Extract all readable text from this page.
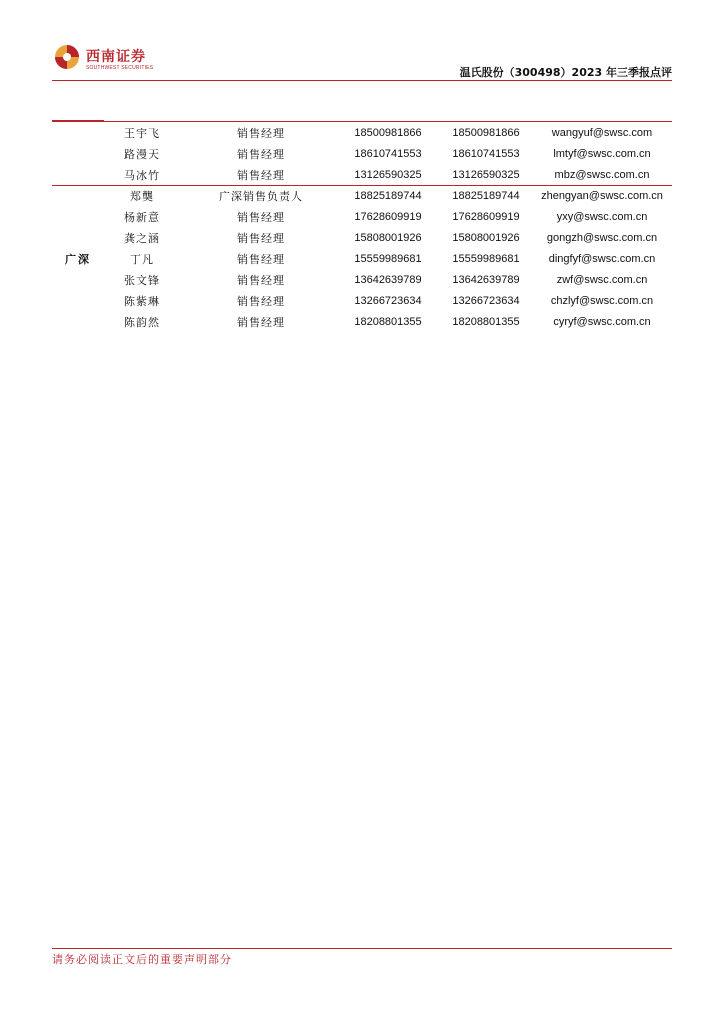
西南证券
SOUTHWEST SECURITIES	温氏股份（300498）2023 年三季报点评
王宇飞	销售经理	18500981866	18500981866	wangyuf@swsc.com
路漫天	销售经理	18610741553	18610741553	lmtyf@swsc.com.cn
马冰竹	销售经理	13126590325	13126590325	mbz@swsc.com.cn
郑龑	广深销售负责人	18825189744	18825189744	zhengyan@swsc.com.cn
杨新意	销售经理	17628609919	17628609919	yxy@swsc.com.cn
龚之涵	销售经理	15808001926	15808001926	gongzh@swsc.com.cn
丁凡	销售经理	15559989681	15559989681	dingfyf@swsc.com.cn
张文锋	销售经理	13642639789	13642639789	zwf@swsc.com.cn
陈紫琳	销售经理	13266723634	13266723634	chzlyf@swsc.com.cn
陈韵然	销售经理	18208801355	18208801355	cyryf@swsc.com.cn
广深
请务必阅读正文后的重要声明部分
